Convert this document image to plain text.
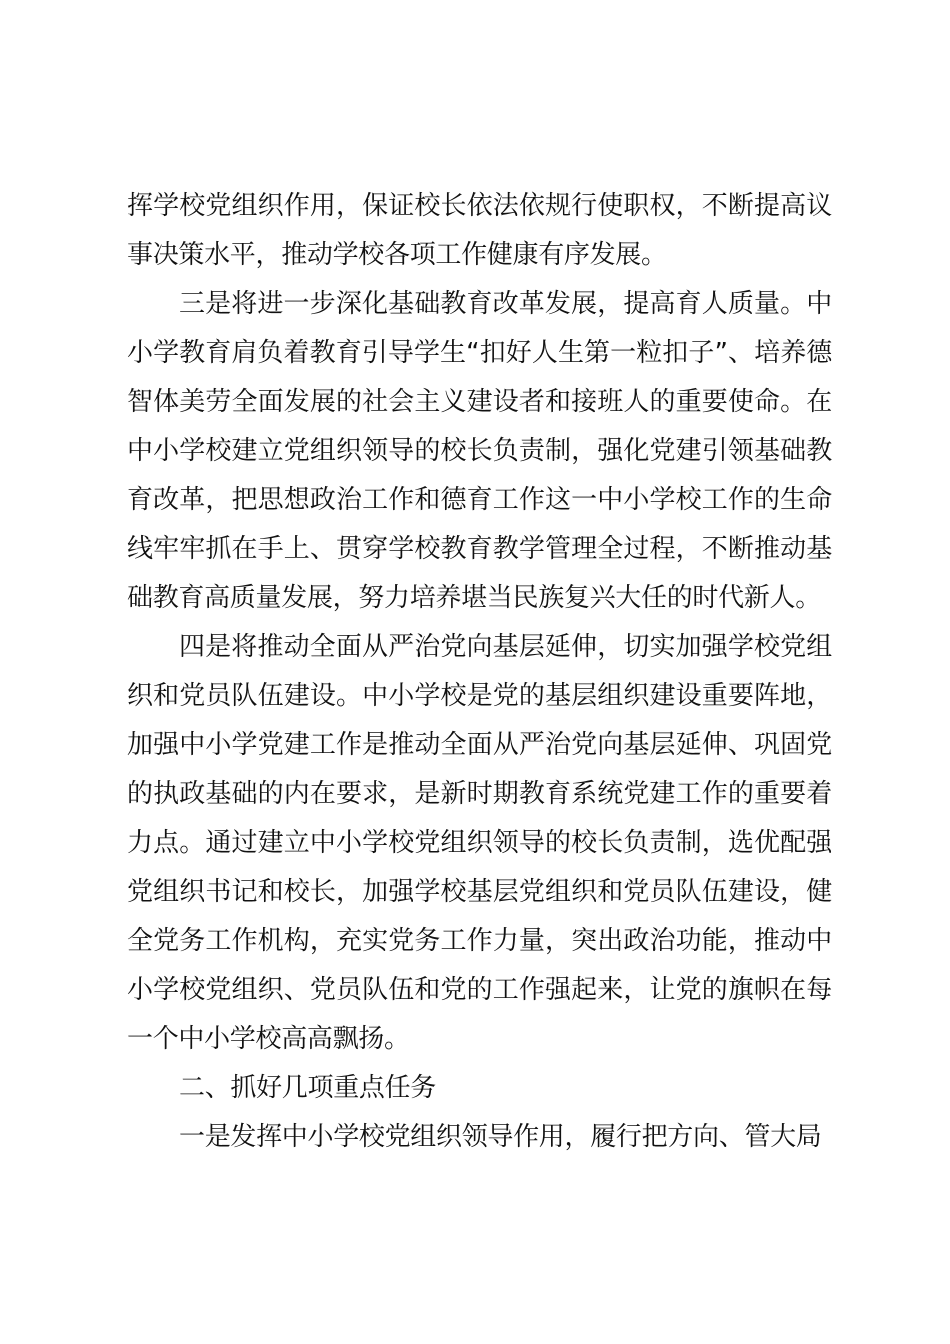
挥学校党组织作用，保证校长依法依规行使职权，不断提高议事决策水平，推动学校各项工作健康有序发展。

三是将进一步深化基础教育改革发展，提高育人质量。中小学教育肩负着教育引导学生“扣好人生第一粒扣子”、培养德智体美劳全面发展的社会主义建设者和接班人的重要使命。在中小学校建立党组织领导的校长负责制，强化党建引领基础教育改革，把思想政治工作和德育工作这一中小学校工作的生命线牢牢抓在手上、贯穿学校教育教学管理全过程，不断推动基础教育高质量发展，努力培养堪当民族复兴大任的时代新人。

四是将推动全面从严治党向基层延伸，切实加强学校党组织和党员队伍建设。中小学校是党的基层组织建设重要阵地，加强中小学党建工作是推动全面从严治党向基层延伸、巩固党的执政基础的内在要求，是新时期教育系统党建工作的重要着力点。通过建立中小学校党组织领导的校长负责制，选优配强党组织书记和校长，加强学校基层党组织和党员队伍建设，健全党务工作机构，充实党务工作力量，突出政治功能，推动中小学校党组织、党员队伍和党的工作强起来，让党的旗帜在每一个中小学校高高飘扬。

二、抓好几项重点任务

一是发挥中小学校党组织领导作用，履行把方向、管大局
